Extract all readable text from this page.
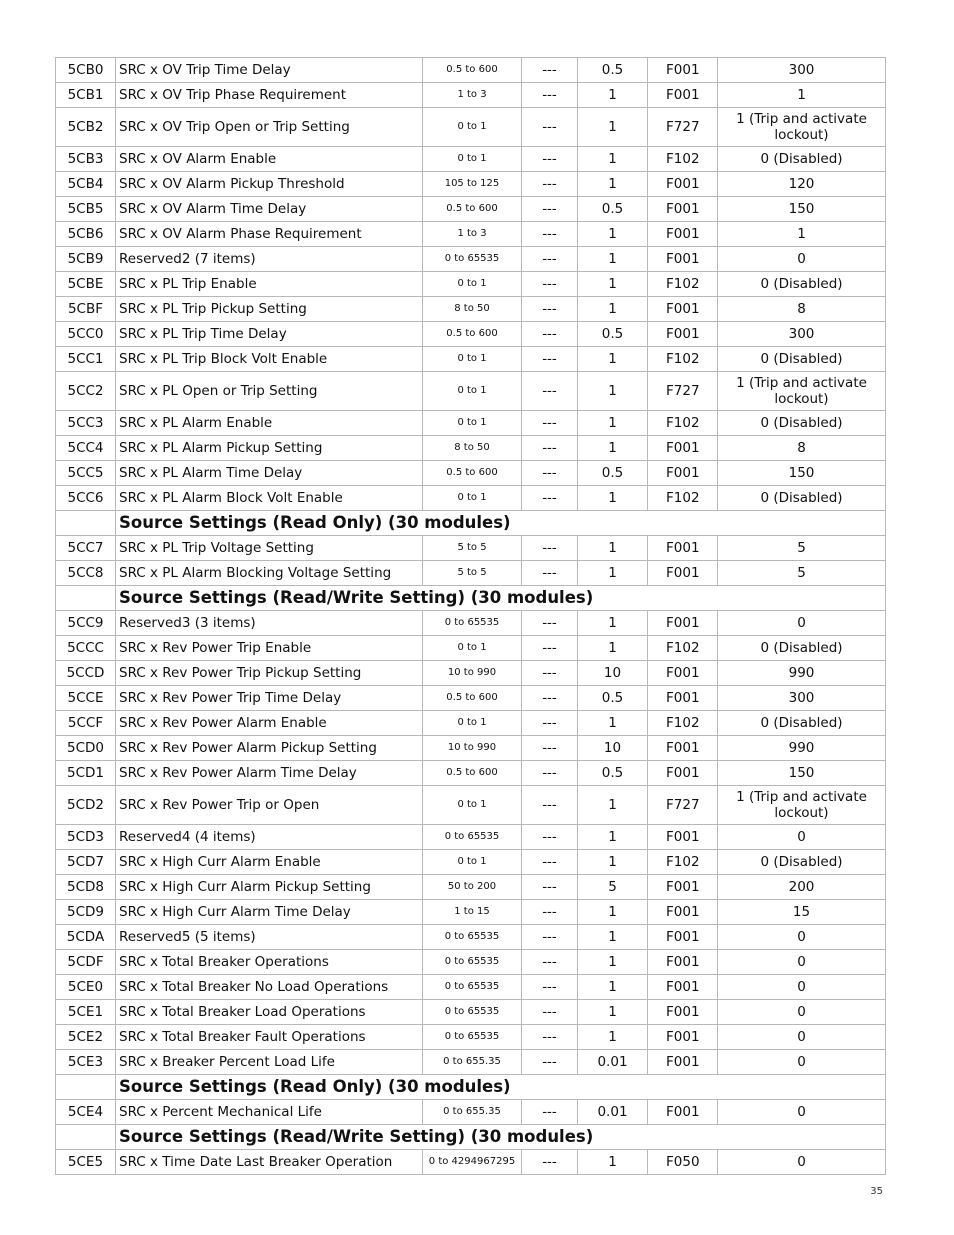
5CB0	SRC x OV Trip Time Delay	0.5 to 600	---	0.5	F001	300
5CB1	SRC x OV Trip Phase Requirement	1 to 3	---	1	F001	1
5CB2	SRC x OV Trip Open or Trip Setting	0 to 1	---	1	F727	1 (Trip and activate lockout)
5CB3	SRC x OV Alarm Enable	0 to 1	---	1	F102	0 (Disabled)
5CB4	SRC x OV Alarm Pickup Threshold	105 to 125	---	1	F001	120
5CB5	SRC x OV Alarm Time Delay	0.5 to 600	---	0.5	F001	150
5CB6	SRC x OV Alarm Phase Requirement	1 to 3	---	1	F001	1
5CB9	Reserved2 (7 items)	0 to 65535	---	1	F001	0
5CBE	SRC x PL Trip Enable	0 to 1	---	1	F102	0 (Disabled)
5CBF	SRC x PL Trip Pickup Setting	8 to 50	---	1	F001	8
5CC0	SRC x PL Trip Time Delay	0.5 to 600	---	0.5	F001	300
5CC1	SRC x PL Trip Block Volt Enable	0 to 1	---	1	F102	0 (Disabled)
5CC2	SRC x PL Open or Trip Setting	0 to 1	---	1	F727	1 (Trip and activate lockout)
5CC3	SRC x PL Alarm Enable	0 to 1	---	1	F102	0 (Disabled)
5CC4	SRC x PL Alarm Pickup Setting	8 to 50	---	1	F001	8
5CC5	SRC x PL Alarm Time Delay	0.5 to 600	---	0.5	F001	150
5CC6	SRC x PL Alarm Block Volt Enable	0 to 1	---	1	F102	0 (Disabled)
	Source Settings (Read Only) (30 modules)					
5CC7	SRC x PL Trip Voltage Setting	5 to 5	---	1	F001	5
5CC8	SRC x PL Alarm Blocking Voltage Setting	5 to 5	---	1	F001	5
	Source Settings (Read/Write Setting) (30 modules)					
5CC9	Reserved3 (3 items)	0 to 65535	---	1	F001	0
5CCC	SRC x Rev Power Trip Enable	0 to 1	---	1	F102	0 (Disabled)
5CCD	SRC x Rev Power Trip Pickup Setting	10 to 990	---	10	F001	990
5CCE	SRC x Rev Power Trip Time Delay	0.5 to 600	---	0.5	F001	300
5CCF	SRC x Rev Power Alarm Enable	0 to 1	---	1	F102	0 (Disabled)
5CD0	SRC x Rev Power Alarm Pickup Setting	10 to 990	---	10	F001	990
5CD1	SRC x Rev Power Alarm Time Delay	0.5 to 600	---	0.5	F001	150
5CD2	SRC x Rev Power Trip or Open	0 to 1	---	1	F727	1 (Trip and activate lockout)
5CD3	Reserved4 (4 items)	0 to 65535	---	1	F001	0
5CD7	SRC x High Curr Alarm Enable	0 to 1	---	1	F102	0 (Disabled)
5CD8	SRC x High Curr Alarm Pickup Setting	50 to 200	---	5	F001	200
5CD9	SRC x High Curr Alarm Time Delay	1 to 15	---	1	F001	15
5CDA	Reserved5 (5 items)	0 to 65535	---	1	F001	0
5CDF	SRC x Total Breaker Operations	0 to 65535	---	1	F001	0
5CE0	SRC x Total Breaker No Load Operations	0 to 65535	---	1	F001	0
5CE1	SRC x Total Breaker Load Operations	0 to 65535	---	1	F001	0
5CE2	SRC x Total Breaker Fault Operations	0 to 65535	---	1	F001	0
5CE3	SRC x Breaker Percent Load Life	0 to 655.35	---	0.01	F001	0
	Source Settings (Read Only) (30 modules)					
5CE4	SRC x Percent Mechanical Life	0 to 655.35	---	0.01	F001	0
	Source Settings (Read/Write Setting) (30 modules)					
5CE5	SRC x Time Date Last Breaker Operation	0 to 4294967295	---	1	F050	0
35
